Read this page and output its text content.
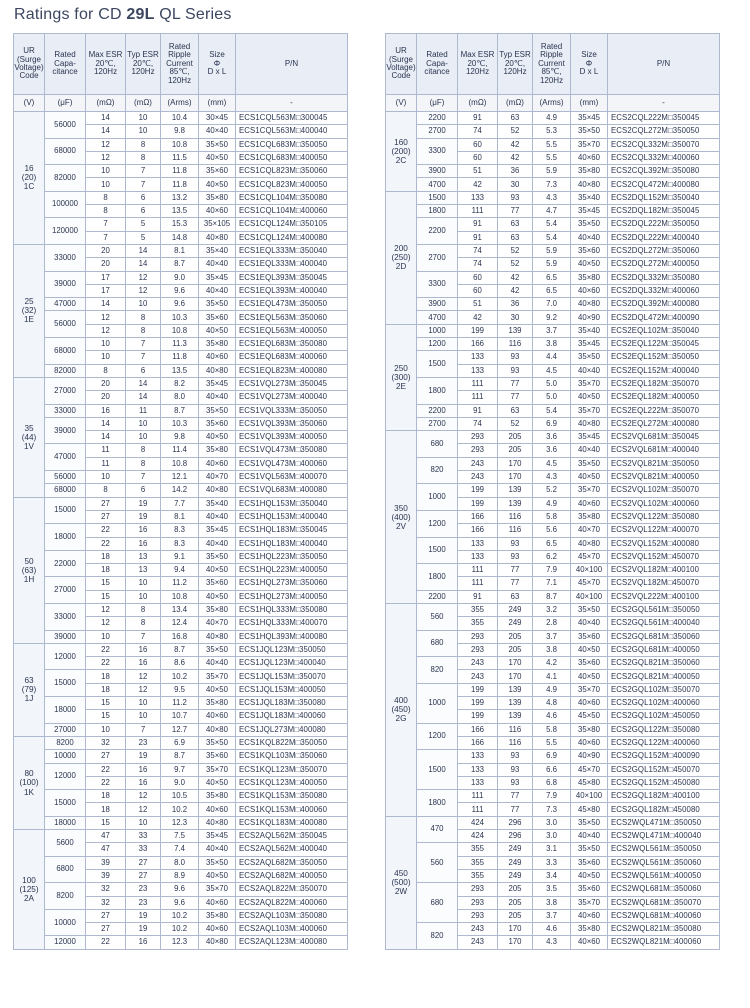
Ratings for CD 29L QL Series
UR
(Surge
Voltage)
Code	Rated
Capa-
citance	Max ESR
20℃,
120Hz	Typ ESR
20℃,
120Hz	Rated
Ripple
Current
85℃,
120Hz	Size
Φ
D x L	P/N
(V)	(μF)	(mΩ)	(mΩ)	(Arms)	(mm)	-
16
(20)
1C	56000	14	10	10.4	30×45	ECS1CQL563M□300045
		14	10	9.8	40×40	ECS1CQL563M□400040
	68000	12	8	10.8	35×50	ECS1CQL683M□350050
		12	8	11.5	40×50	ECS1CQL683M□400050
	82000	10	7	11.8	35×60	ECS1CQL823M□350060
		10	7	11.8	40×50	ECS1CQL823M□400050
	100000	8	6	13.2	35×80	ECS1CQL104M□350080
		8	6	13.5	40×60	ECS1CQL104M□400060
	120000	7	5	15.3	35×105	ECS1CQL124M□350105
		7	5	14.8	40×80	ECS1CQL124M□400080
25
(32)
1E	33000	20	14	8.1	35×40	ECS1EQL333M□350040
		20	14	8.7	40×40	ECS1EQL333M□400040
	39000	17	12	9.0	35×45	ECS1EQL393M□350045
		17	12	9.6	40×40	ECS1EQL393M□400040
	47000	14	10	9.6	35×50	ECS1EQL473M□350050
	56000	12	8	10.3	35×60	ECS1EQL563M□350060
		12	8	10.8	40×50	ECS1EQL563M□400050
	68000	10	7	11.3	35×80	ECS1EQL683M□350080
		10	7	11.8	40×60	ECS1EQL683M□400060
	82000	8	6	13.5	40×80	ECS1EQL823M□400080
35
(44)
1V	27000	20	14	8.2	35×45	ECS1VQL273M□350045
		20	14	8.0	40×40	ECS1VQL273M□400040
	33000	16	11	8.7	35×50	ECS1VQL333M□350050
	39000	14	10	10.3	35×60	ECS1VQL393M□350060
		14	10	9.8	40×50	ECS1VQL393M□400050
	47000	11	8	11.4	35×80	ECS1VQL473M□350080
		11	8	10.8	40×60	ECS1VQL473M□400060
	56000	10	7	12.1	40×70	ECS1VQL563M□400070
	68000	8	6	14.2	40×80	ECS1VQL683M□400080
50
(63)
1H	15000	27	19	7.7	35×40	ECS1HQL153M□350040
		27	19	8.1	40×40	ECS1HQL153M□400040
	18000	22	16	8.3	35×45	ECS1HQL183M□350045
		22	16	8.3	40×40	ECS1HQL183M□400040
	22000	18	13	9.1	35×50	ECS1HQL223M□350050
		18	13	9.4	40×50	ECS1HQL223M□400050
	27000	15	10	11.2	35×60	ECS1HQL273M□350060
		15	10	10.8	40×50	ECS1HQL273M□400050
	33000	12	8	13.4	35×80	ECS1HQL333M□350080
		12	8	12.4	40×70	ECS1HQL333M□400070
	39000	10	7	16.8	40×80	ECS1HQL393M□400080
63
(79)
1J	12000	22	16	8.7	35×50	ECS1JQL123M□350050
		22	16	8.6	40×40	ECS1JQL123M□400040
	15000	18	12	10.2	35×70	ECS1JQL153M□350070
		18	12	9.5	40×50	ECS1JQL153M□400050
	18000	15	10	11.2	35×80	ECS1JQL183M□350080
		15	10	10.7	40×60	ECS1JQL183M□400060
	27000	10	7	12.7	40×80	ECS1JQL273M□400080
80
(100)
1K	8200	32	23	6.9	35×50	ECS1KQL822M□350050
	10000	27	19	8.7	35×60	ECS1KQL103M□350060
	12000	22	16	9.7	35×70	ECS1KQL123M□350070
		22	16	9.0	40×50	ECS1KQL123M□400050
	15000	18	12	10.5	35×80	ECS1KQL153M□350080
		18	12	10.2	40×60	ECS1KQL153M□400060
	18000	15	10	12.3	40×80	ECS1KQL183M□400080
100
(125)
2A	5600	47	33	7.5	35×45	ECS2AQL562M□350045
		47	33	7.4	40×40	ECS2AQL562M□400040
	6800	39	27	8.0	35×50	ECS2AQL682M□350050
		39	27	8.9	40×50	ECS2AQL682M□400050
	8200	32	23	9.6	35×70	ECS2AQL822M□350070
		32	23	9.6	40×60	ECS2AQL822M□400060
	10000	27	19	10.2	35×80	ECS2AQL103M□350080
		27	19	10.2	40×60	ECS2AQL103M□400060
	12000	22	16	12.3	40×80	ECS2AQL123M□400080
UR
(Surge
Voltage)
Code	Rated
Capa-
citance	Max ESR
20℃,
120Hz	Typ ESR
20℃,
120Hz	Rated
Ripple
Current
85℃,
120Hz	Size
Φ
D x L	P/N
(V)	(μF)	(mΩ)	(mΩ)	(Arms)	(mm)	-
160
(200)
2C	2200	91	63	4.9	35×45	ECS2CQL222M□350045
	2700	74	52	5.3	35×50	ECS2CQL272M□350050
	3300	60	42	5.5	35×70	ECS2CQL332M□350070
		60	42	5.5	40×60	ECS2CQL332M□400060
	3900	51	36	5.9	35×80	ECS2CQL392M□350080
	4700	42	30	7.3	40×80	ECS2CQL472M□400080
200
(250)
2D	1500	133	93	4.3	35×40	ECS2DQL152M□350040
	1800	111	77	4.7	35×45	ECS2DQL182M□350045
	2200	91	63	5.4	35×50	ECS2DQL222M□350050
		91	63	5.4	40×40	ECS2DQL222M□400040
	2700	74	52	5.9	35×60	ECS2DQL272M□350060
		74	52	5.9	40×50	ECS2DQL272M□400050
	3300	60	42	6.5	35×80	ECS2DQL332M□350080
		60	42	6.5	40×60	ECS2DQL332M□400060
	3900	51	36	7.0	40×80	ECS2DQL392M□400080
	4700	42	30	9.2	40×90	ECS2DQL472M□400090
250
(300)
2E	1000	199	139	3.7	35×40	ECS2EQL102M□350040
	1200	166	116	3.8	35×45	ECS2EQL122M□350045
	1500	133	93	4.4	35×50	ECS2EQL152M□350050
		133	93	4.5	40×40	ECS2EQL152M□400040
	1800	111	77	5.0	35×70	ECS2EQL182M□350070
		111	77	5.0	40×50	ECS2EQL182M□400050
	2200	91	63	5.4	35×70	ECS2EQL222M□350070
	2700	74	52	6.9	40×80	ECS2EQL272M□400080
350
(400)
2V	680	293	205	3.6	35×45	ECS2VQL681M□350045
		293	205	3.6	40×40	ECS2VQL681M□400040
	820	243	170	4.5	35×50	ECS2VQL821M□350050
		243	170	4.3	40×50	ECS2VQL821M□400050
	1000	199	139	5.2	35×70	ECS2VQL102M□350070
		199	139	4.9	40×60	ECS2VQL102M□400060
	1200	166	116	5.8	35×80	ECS2VQL122M□350080
		166	116	5.6	40×70	ECS2VQL122M□400070
	1500	133	93	6.5	40×80	ECS2VQL152M□400080
		133	93	6.2	45×70	ECS2VQL152M□450070
	1800	111	77	7.9	40×100	ECS2VQL182M□400100
		111	77	7.1	45×70	ECS2VQL182M□450070
	2200	91	63	8.7	40×100	ECS2VQL222M□400100
400
(450)
2G	560	355	249	3.2	35×50	ECS2GQL561M□350050
		355	249	2.8	40×40	ECS2GQL561M□400040
	680	293	205	3.7	35×60	ECS2GQL681M□350060
		293	205	3.8	40×50	ECS2GQL681M□400050
	820	243	170	4.2	35×60	ECS2GQL821M□350060
		243	170	4.1	40×50	ECS2GQL821M□400050
	1000	199	139	4.9	35×70	ECS2GQL102M□350070
		199	139	4.8	40×60	ECS2GQL102M□400060
		199	139	4.6	45×50	ECS2GQL102M□450050
	1200	166	116	5.8	35×80	ECS2GQL122M□350080
		166	116	5.5	40×60	ECS2GQL122M□400060
	1500	133	93	6.9	40×90	ECS2GQL152M□400090
		133	93	6.6	45×70	ECS2GQL152M□450070
		133	93	6.8	45×80	ECS2GQL152M□450080
	1800	111	77	7.9	40×100	ECS2GQL182M□400100
		111	77	7.3	45×80	ECS2GQL182M□450080
450
(500)
2W	470	424	296	3.0	35×50	ECS2WQL471M□350050
		424	296	3.0	40×40	ECS2WQL471M□400040
	560	355	249	3.1	35×50	ECS2WQL561M□350050
		355	249	3.3	35×60	ECS2WQL561M□350060
		355	249	3.4	40×50	ECS2WQL561M□400050
	680	293	205	3.5	35×60	ECS2WQL681M□350060
		293	205	3.8	35×70	ECS2WQL681M□350070
		293	205	3.7	40×60	ECS2WQL681M□400060
	820	243	170	4.6	35×80	ECS2WQL821M□350080
		243	170	4.3	40×60	ECS2WQL821M□400060
